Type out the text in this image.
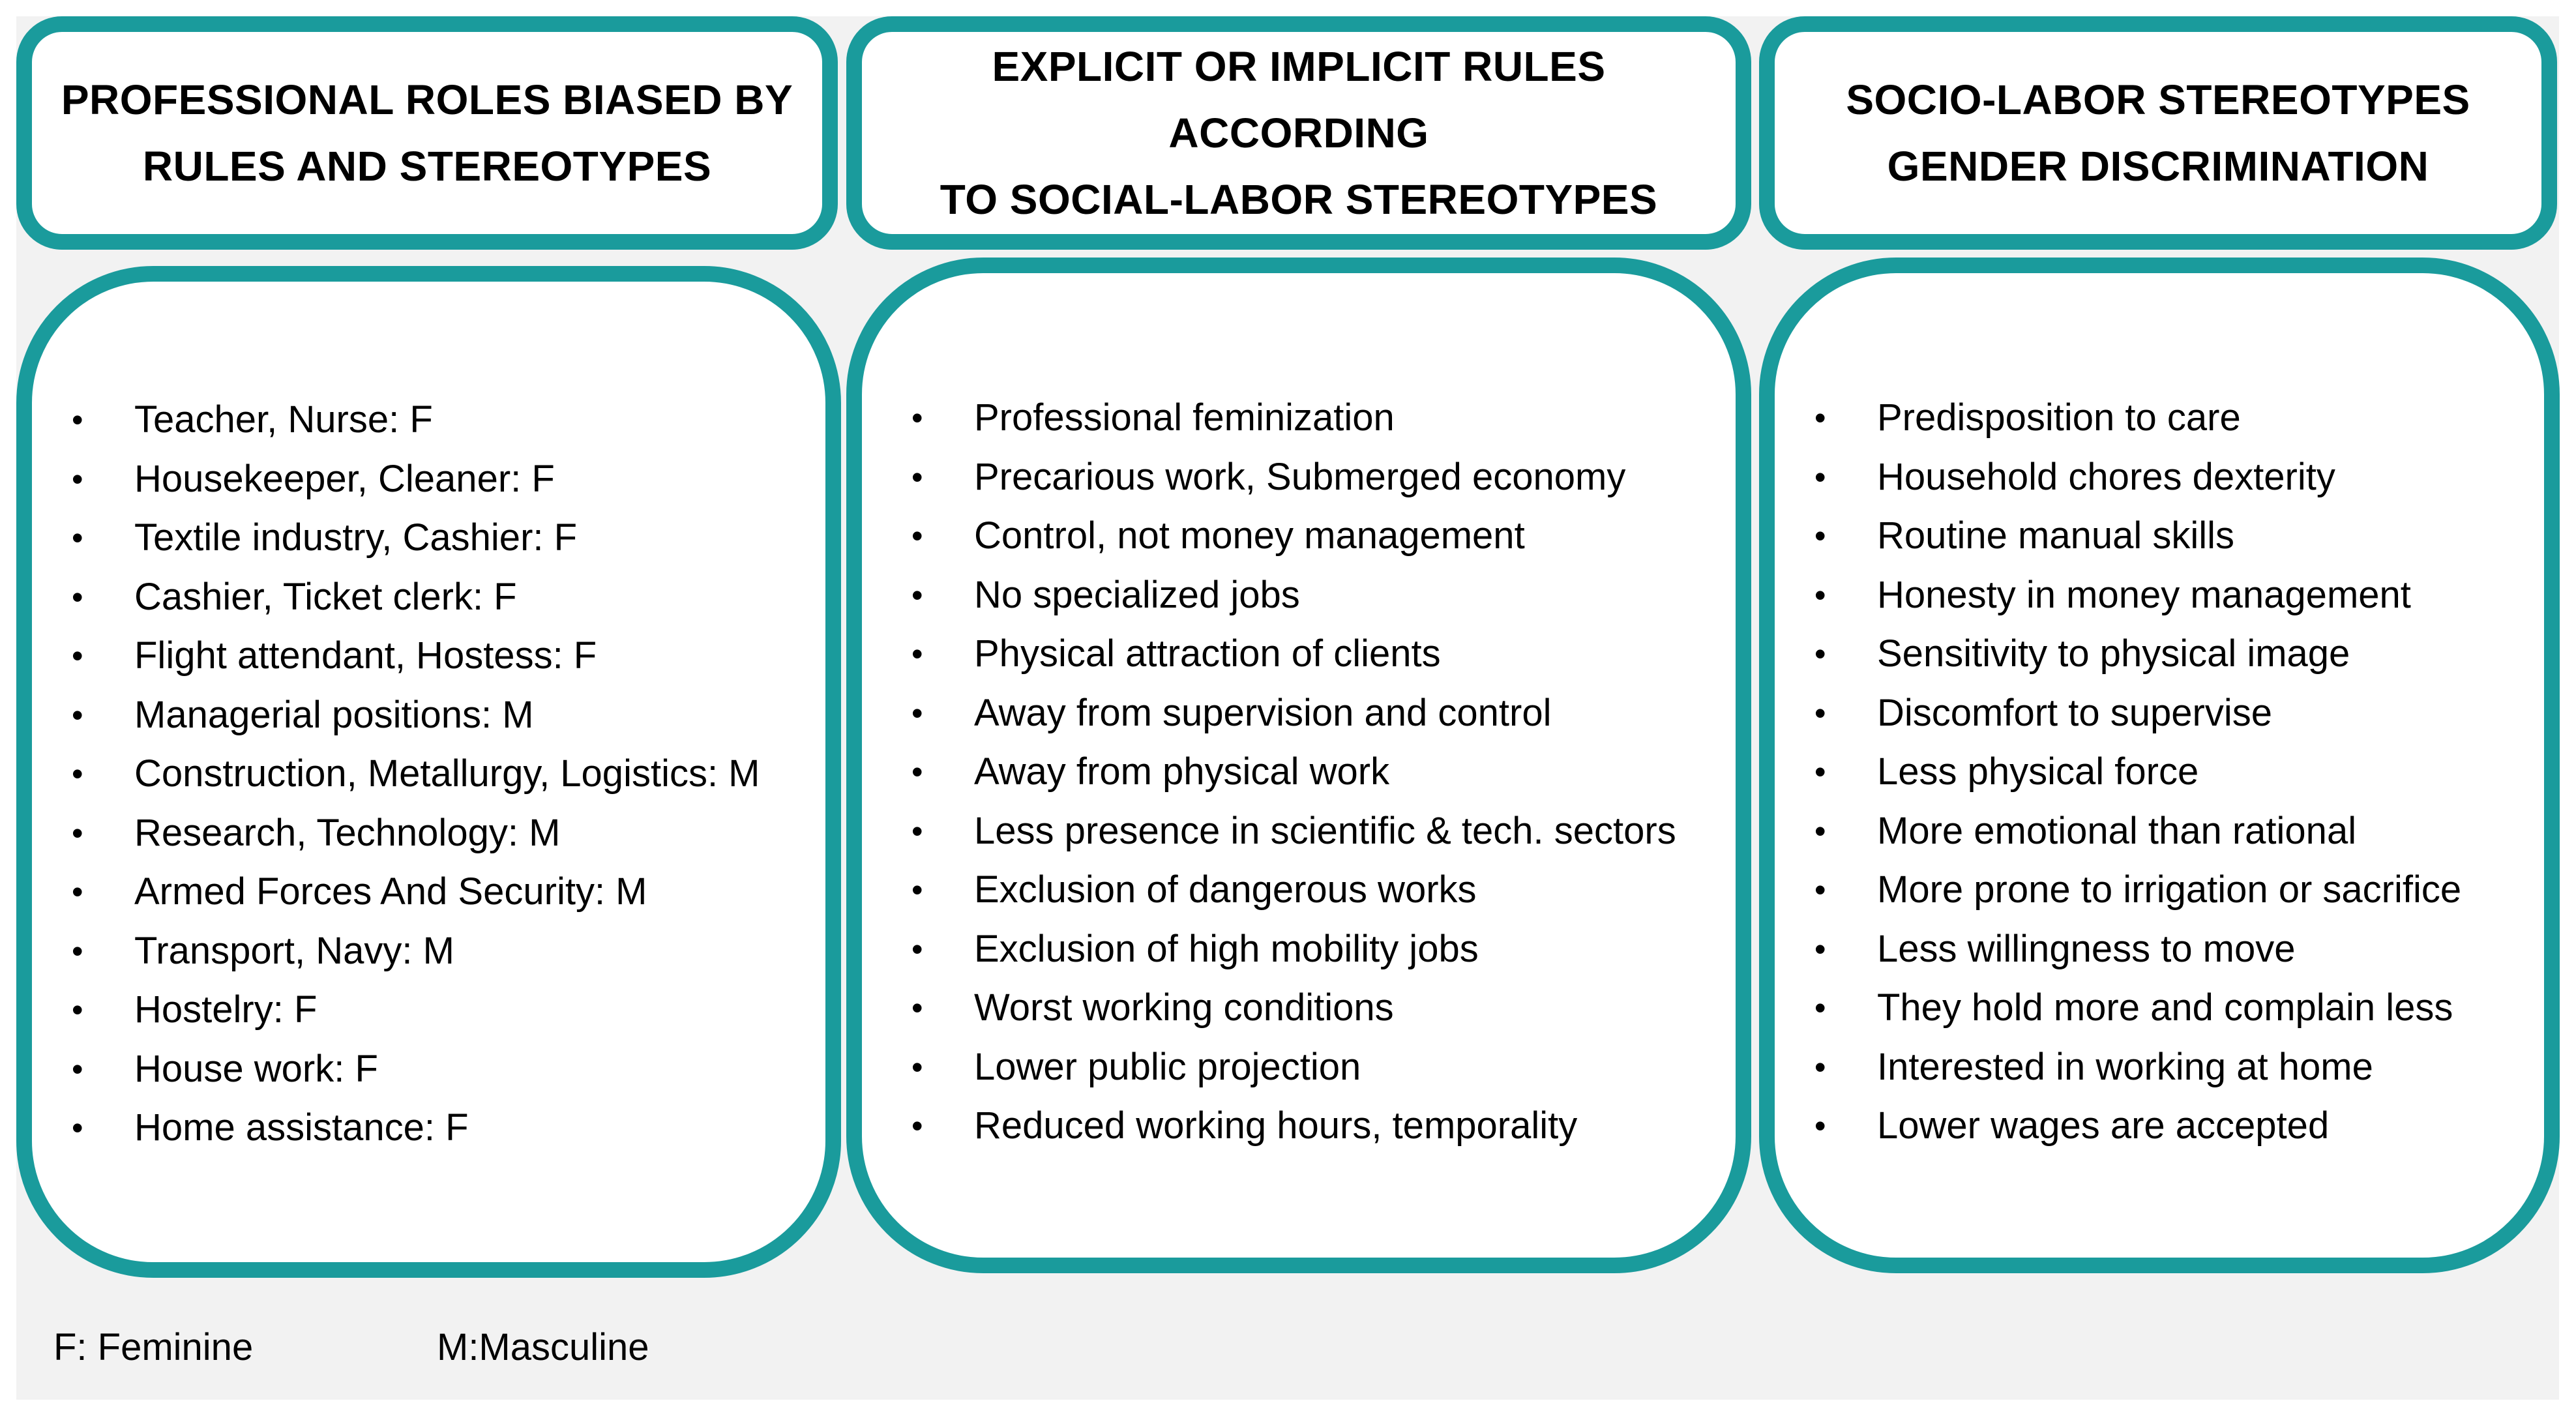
PROFESSIONAL ROLES BIASED BY
RULES AND STEREOTYPES
•	Teacher, Nurse: F
•	Housekeeper, Cleaner: F
•	Textile industry, Cashier: F
•	Cashier, Ticket clerk: F
•	Flight attendant, Hostess: F
•	Managerial positions: M
•	Construction, Metallurgy, Logistics: M
•	Research, Technology: M
•	Armed Forces And Security: M
•	Transport, Navy: M
•	Hostelry: F
•	House work: F
•	Home assistance: F
EXPLICIT OR IMPLICIT RULES ACCORDING
TO SOCIAL-LABOR STEREOTYPES
•	Professional feminization
•	Precarious work, Submerged economy
•	Control, not money management
•	No specialized jobs
•	Physical attraction of clients
•	Away from supervision and control
•	Away from physical work
•	Less presence in scientific & tech. sectors
•	Exclusion of dangerous works
•	Exclusion of high mobility jobs
•	Worst working conditions
•	Lower public projection
•	Reduced working hours, temporality
SOCIO-LABOR STEREOTYPES
GENDER DISCRIMINATION
•	Predisposition to care
•	Household chores dexterity
•	Routine manual skills
•	Honesty in money management
•	Sensitivity to physical image
•	Discomfort to supervise
•	Less physical force
•	More emotional than rational
•	More prone to irrigation or sacrifice
•	Less willingness to move
•	They hold more and complain less
•	Interested in working at home
•	Lower wages are accepted
F: Feminine	M:Masculine
